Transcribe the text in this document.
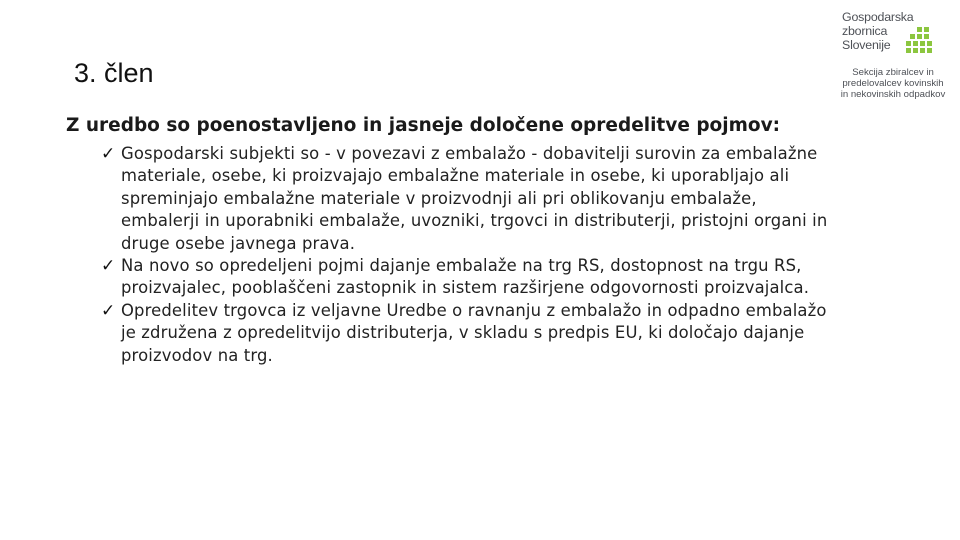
Gospodarska
zbornica
Slovenije
Sekcija zbiralcev in
predelovalcev kovinskih
in nekovinskih odpadkov
3. člen
Z uredbo so poenostavljeno in jasneje določene opredelitve pojmov:
✓ Gospodarski subjekti so - v povezavi z embalažo - dobavitelji surovin za embalažne
materiale, osebe, ki proizvajajo embalažne materiale in osebe, ki uporabljajo ali
spreminjajo embalažne materiale v proizvodnji ali pri oblikovanju embalaže,
embalerji in uporabniki embalaže, uvozniki, trgovci in distributerji, pristojni organi in
druge osebe javnega prava.
✓ Na novo so opredeljeni pojmi dajanje embalaže na trg RS, dostopnost na trgu RS,
proizvajalec, pooblaščeni zastopnik in sistem razširjene odgovornosti proizvajalca.
✓ Opredelitev trgovca iz veljavne Uredbe o ravnanju z embalažo in odpadno embalažo
je združena z opredelitvijo distributerja, v skladu s predpis EU, ki določajo dajanje
proizvodov na trg.
